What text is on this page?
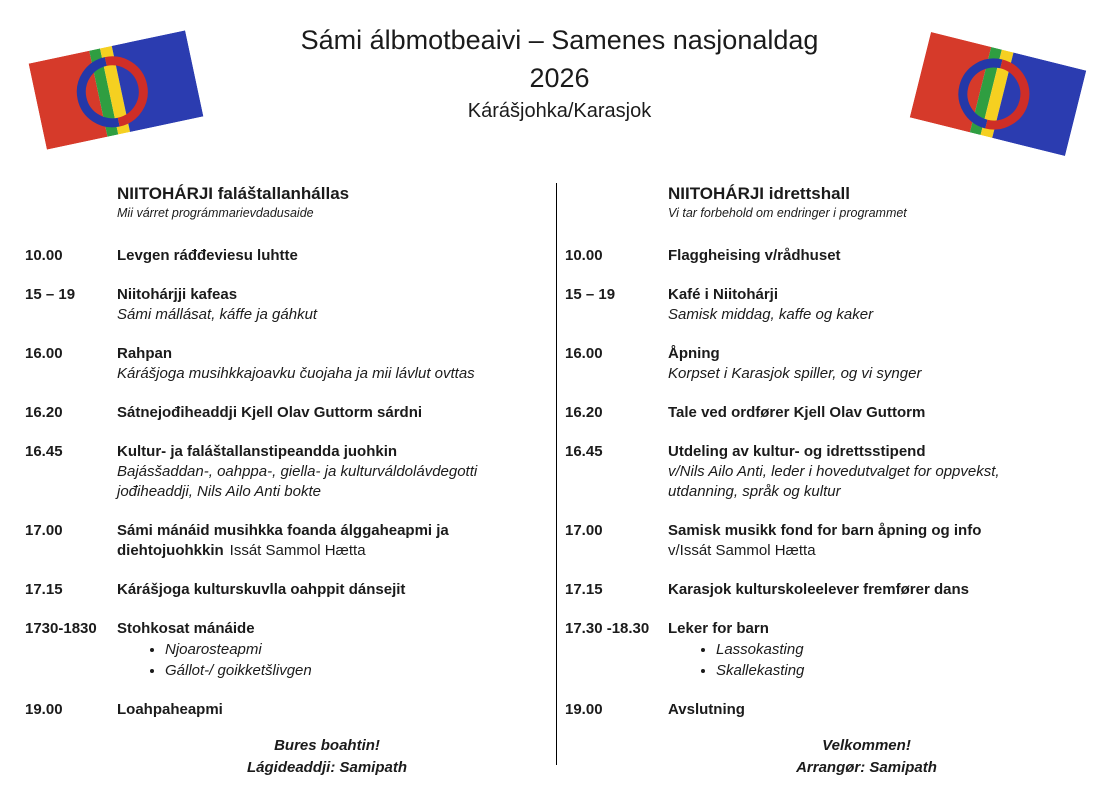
Sámi álbmotbeaivi – Samenes nasjonaldag
2026
Kárášjohka/Karasjok
NIITOHÁRJI faláštallanhállas
Mii várret prográmmarievdadusaide
10.00	Levgen ráđđeviesu luhtte
15 – 19	Niitohárjji kafeas
Sámi mállásat, káffe ja gáhkut
16.00	Rahpan
Kárášjoga musihkkajoavku čuojaha ja mii lávlut ovttas
16.20	Sátnejođiheaddji Kjell Olav Guttorm sárdni
16.45	Kultur- ja faláštallanstipeandda juohkin
Bajásšaddan-, oahppa-, giella- ja kulturváldolávdegotti jođiheaddji, Nils Ailo Anti bokte
17.00	Sámi mánáid musihkka foanda álggaheapmi ja diehtojuohkkin Issát Sammol Hætta
17.15	Kárášjoga kulturskuvlla oahppit dánsejit
1730-1830	Stohkosat mánáide
• Njoarosteapmi
• Gállot-/ goikketšlivgen
19.00	Loahpaheapmi
Bures boahtin!
Lágideaddji: Samipath
NIITOHÁRJI idrettshall
Vi tar forbehold om endringer i programmet
10.00	Flaggheising v/rådhuset
15 – 19	Kafé i Niitohárji
Samisk middag, kaffe og kaker
16.00	Åpning
Korpset i Karasjok spiller, og vi synger
16.20	Tale ved ordfører Kjell Olav Guttorm
16.45	Utdeling av kultur- og idrettsstipend
v/Nils Ailo Anti, leder i hovedutvalget for oppvekst, utdanning, språk og kultur
17.00	Samisk musikk fond for barn åpning og info
v/Issát Sammol Hætta
17.15	Karasjok kulturskoleelever fremfører dans
17.30 -18.30	Leker for barn
• Lassokasting
• Skallekasting
19.00	Avslutning
Velkommen!
Arrangør: Samipath
